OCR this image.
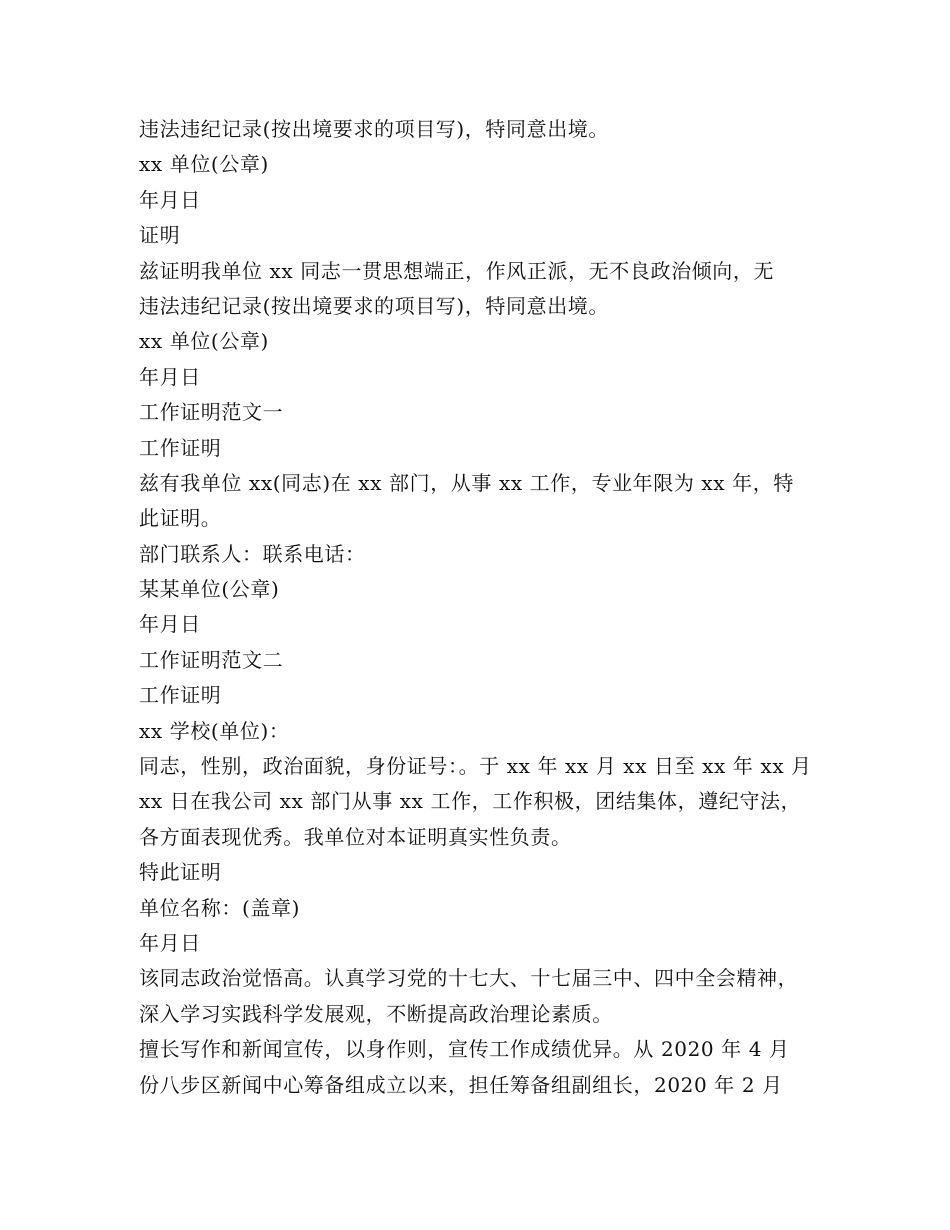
违法违纪记录(按出境要求的项目写)，特同意出境。
xx 单位(公章)
年月日
证明
兹证明我单位 xx 同志一贯思想端正，作风正派，无不良政治倾向，无
违法违纪记录(按出境要求的项目写)，特同意出境。
xx 单位(公章)
年月日
工作证明范文一
工作证明
兹有我单位 xx(同志)在 xx 部门，从事 xx 工作，专业年限为 xx 年，特
此证明。
部门联系人：联系电话：
某某单位(公章)
年月日
工作证明范文二
工作证明
xx 学校(单位)：
同志，性别，政治面貌，身份证号：。于 xx 年 xx 月 xx 日至 xx 年 xx 月
xx 日在我公司 xx 部门从事 xx 工作，工作积极，团结集体，遵纪守法，
各方面表现优秀。我单位对本证明真实性负责。
特此证明
单位名称：(盖章)
年月日
该同志政治觉悟高。认真学习党的十七大、十七届三中、四中全会精神，
深入学习实践科学发展观，不断提高政治理论素质。
擅长写作和新闻宣传，以身作则，宣传工作成绩优异。从 2020 年 4 月
份八步区新闻中心筹备组成立以来，担任筹备组副组长，2020 年 2 月
